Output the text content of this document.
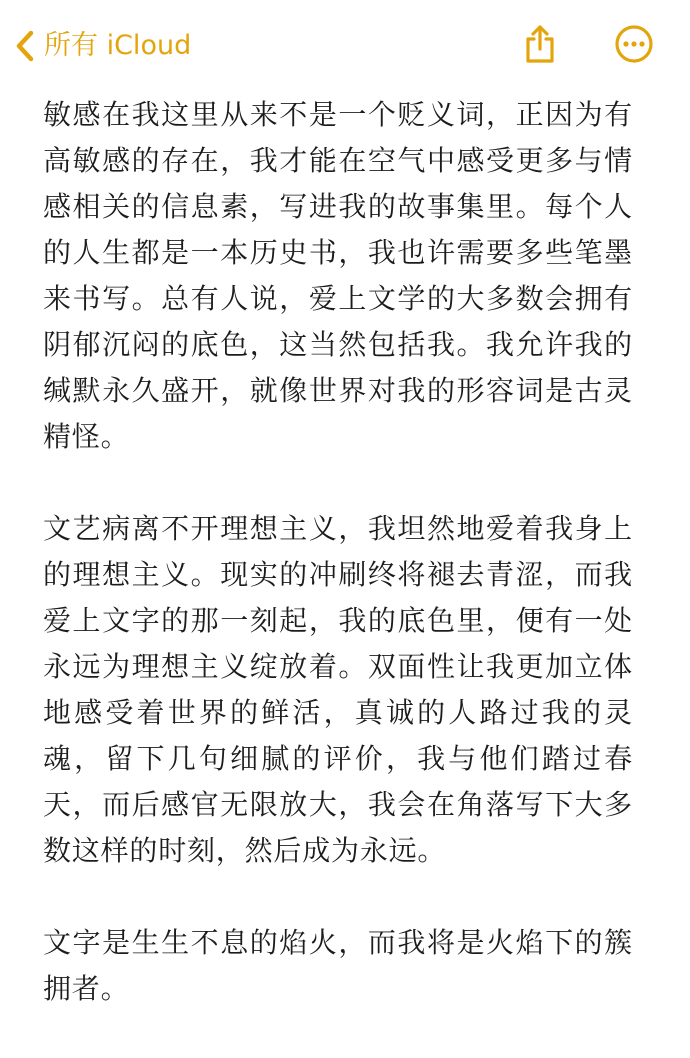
所有 iCloud

敏感在我这里从来不是一个贬义词，正因为有高敏感的存在，我才能在空气中感受更多与情感相关的信息素，写进我的故事集里。每个人的人生都是一本历史书，我也许需要多些笔墨来书写。总有人说，爱上文学的大多数会拥有阴郁沉闷的底色，这当然包括我。我允许我的缄默永久盛开，就像世界对我的形容词是古灵精怪。

文艺病离不开理想主义，我坦然地爱着我身上的理想主义。现实的冲刷终将褪去青涩，而我爱上文字的那一刻起，我的底色里，便有一处永远为理想主义绽放着。双面性让我更加立体地感受着世界的鲜活，真诚的人路过我的灵魂，留下几句细腻的评价，我与他们踏过春天，而后感官无限放大，我会在角落写下大多数这样的时刻，然后成为永远。

文字是生生不息的焰火，而我将是火焰下的簇拥者。
